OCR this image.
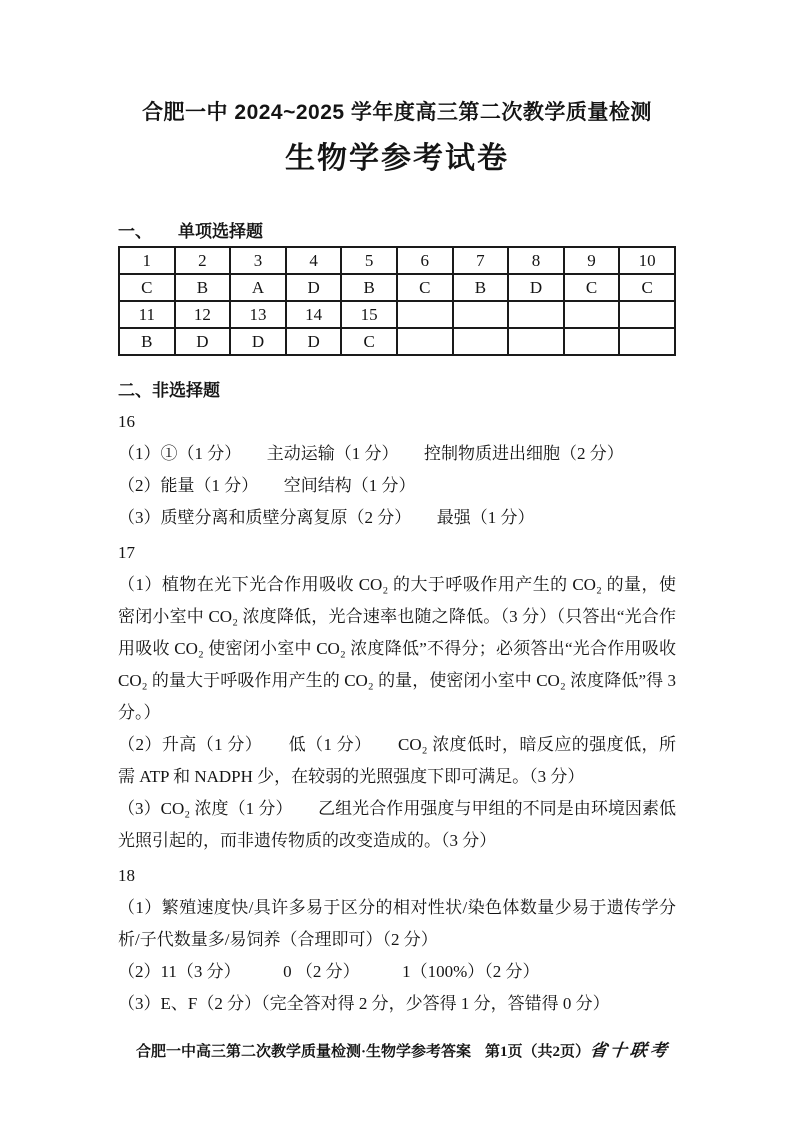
合肥一中 2024~2025 学年度高三第二次教学质量检测
生物学参考试卷
一、 单项选择题
1	2	3	4	5	6	7	8	9	10
C	B	A	D	B	C	B	D	C	C
11	12	13	14	15					
B	D	D	D	C					
二、非选择题
16
（1）①（1 分）　　主动运输（1 分）　　控制物质进出细胞（2 分）
（2）能量（1 分）　　空间结构（1 分）
（3）质壁分离和质壁分离复原（2 分）　　最强（1 分）
17
（1）植物在光下光合作用吸收 CO₂ 的大于呼吸作用产生的 CO₂ 的量，使密闭小室中 CO₂ 浓度降低，光合速率也随之降低。（3 分）（只答出“光合作用吸收 CO₂ 使密闭小室中 CO₂ 浓度降低”不得分；必须答出“光合作用吸收 CO₂ 的量大于呼吸作用产生的 CO₂ 的量，使密闭小室中 CO₂ 浓度降低”得 3 分。）
（2）升高（1 分）　　低（1 分）　　CO₂ 浓度低时，暗反应的强度低，所需 ATP 和 NADPH 少，在较弱的光照强度下即可满足。（3 分）
（3）CO₂ 浓度（1 分）　　乙组光合作用强度与甲组的不同是由环境因素低光照引起的，而非遗传物质的改变造成的。（3 分）
18
（1）繁殖速度快/具许多易于区分的相对性状/染色体数量少易于遗传学分析/子代数量多/易饲养（合理即可）（2 分）
（2）11（3 分）　　　0 （2 分）　　　1（100%）（2 分）
（3）E、F（2 分）（完全答对得 2 分，少答得 1 分，答错得 0 分）
合肥一中高三第二次教学质量检测·生物学参考答案 第1页（共2页）
省十联考
